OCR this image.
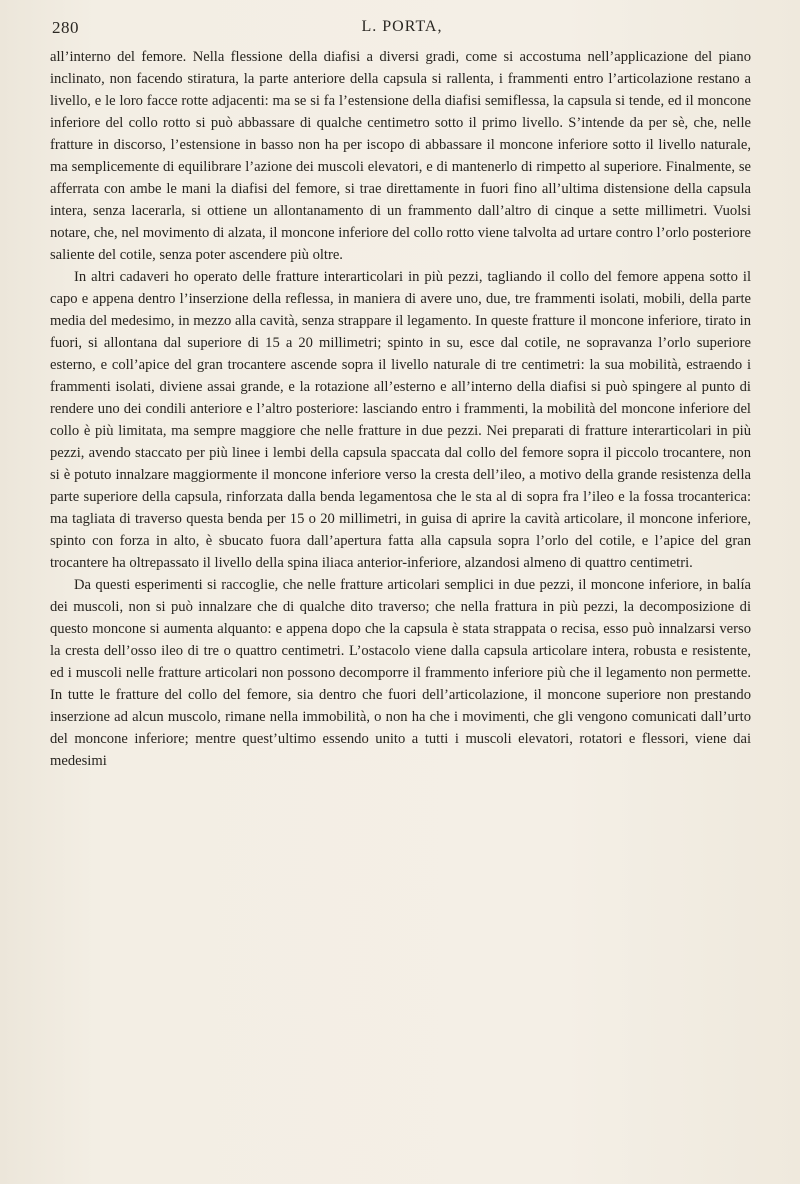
280	L. PORTA,

all’interno del femore. Nella flessione della diafisi a diversi gradi, come si accostuma nell’applicazione del piano inclinato, non facendo stiratura, la parte anteriore della capsula si rallenta, i frammenti entro l’articolazione restano a livello, e le loro facce rotte adjacenti: ma se si fa l’estensione della diafisi semiflessa, la capsula si tende, ed il moncone inferiore del collo rotto si può abbassare di qualche centimetro sotto il primo livello. S’intende da per sè, che, nelle fratture in discorso, l’estensione in basso non ha per iscopo di abbassare il moncone inferiore sotto il livello naturale, ma semplicemente di equilibrare l’azione dei muscoli elevatori, e di mantenerlo di rimpetto al superiore. Finalmente, se afferrata con ambe le mani la diafisi del femore, si trae direttamente in fuori fino all’ultima distensione della capsula intera, senza lacerarla, si ottiene un allontanamento di un frammento dall’altro di cinque a sette millimetri. Vuolsi notare, che, nel movimento di alzata, il moncone inferiore del collo rotto viene talvolta ad urtare contro l’orlo posteriore saliente del cotile, senza poter ascendere più oltre.

In altri cadaveri ho operato delle fratture interarticolari in più pezzi, tagliando il collo del femore appena sotto il capo e appena dentro l’inserzione della reflessa, in maniera di avere uno, due, tre frammenti isolati, mobili, della parte media del medesimo, in mezzo alla cavità, senza strappare il legamento. In queste fratture il moncone inferiore, tirato in fuori, si allontana dal superiore di 15 a 20 millimetri; spinto in su, esce dal cotile, ne sopravanza l’orlo superiore esterno, e coll’apice del gran trocantere ascende sopra il livello naturale di tre centimetri: la sua mobilità, estraendo i frammenti isolati, diviene assai grande, e la rotazione all’esterno e all’interno della diafisi si può spingere al punto di rendere uno dei condili anteriore e l’altro posteriore: lasciando entro i frammenti, la mobilità del moncone inferiore del collo è più limitata, ma sempre maggiore che nelle fratture in due pezzi. Nei preparati di fratture interarticolari in più pezzi, avendo staccato per più linee i lembi della capsula spaccata dal collo del femore sopra il piccolo trocantere, non si è potuto innalzare maggiormente il moncone inferiore verso la cresta dell’ileo, a motivo della grande resistenza della parte superiore della capsula, rinforzata dalla benda legamentosa che le sta al di sopra fra l’ileo e la fossa trocanterica: ma tagliata di traverso questa benda per 15 o 20 millimetri, in guisa di aprire la cavità articolare, il moncone inferiore, spinto con forza in alto, è sbucato fuora dall’apertura fatta alla capsula sopra l’orlo del cotile, e l’apice del gran trocantere ha oltrepassato il livello della spina iliaca anterior-inferiore, alzandosi almeno di quattro centimetri.

Da questi esperimenti si raccoglie, che nelle fratture articolari semplici in due pezzi, il moncone inferiore, in balía dei muscoli, non si può innalzare che di qualche dito traverso; che nella frattura in più pezzi, la decomposizione di questo moncone si aumenta alquanto: e appena dopo che la capsula è stata strappata o recisa, esso può innalzarsi verso la cresta dell’osso ileo di tre o quattro centimetri. L’ostacolo viene dalla capsula articolare intera, robusta e resistente, ed i muscoli nelle fratture articolari non possono decomporre il frammento inferiore più che il legamento non permette. In tutte le fratture del collo del femore, sia dentro che fuori dell’articolazione, il moncone superiore non prestando inserzione ad alcun muscolo, rimane nella immobilità, o non ha che i movimenti, che gli vengono comunicati dall’urto del moncone inferiore; mentre quest’ultimo essendo unito a tutti i muscoli elevatori, rotatori e flessori, viene dai medesimi
